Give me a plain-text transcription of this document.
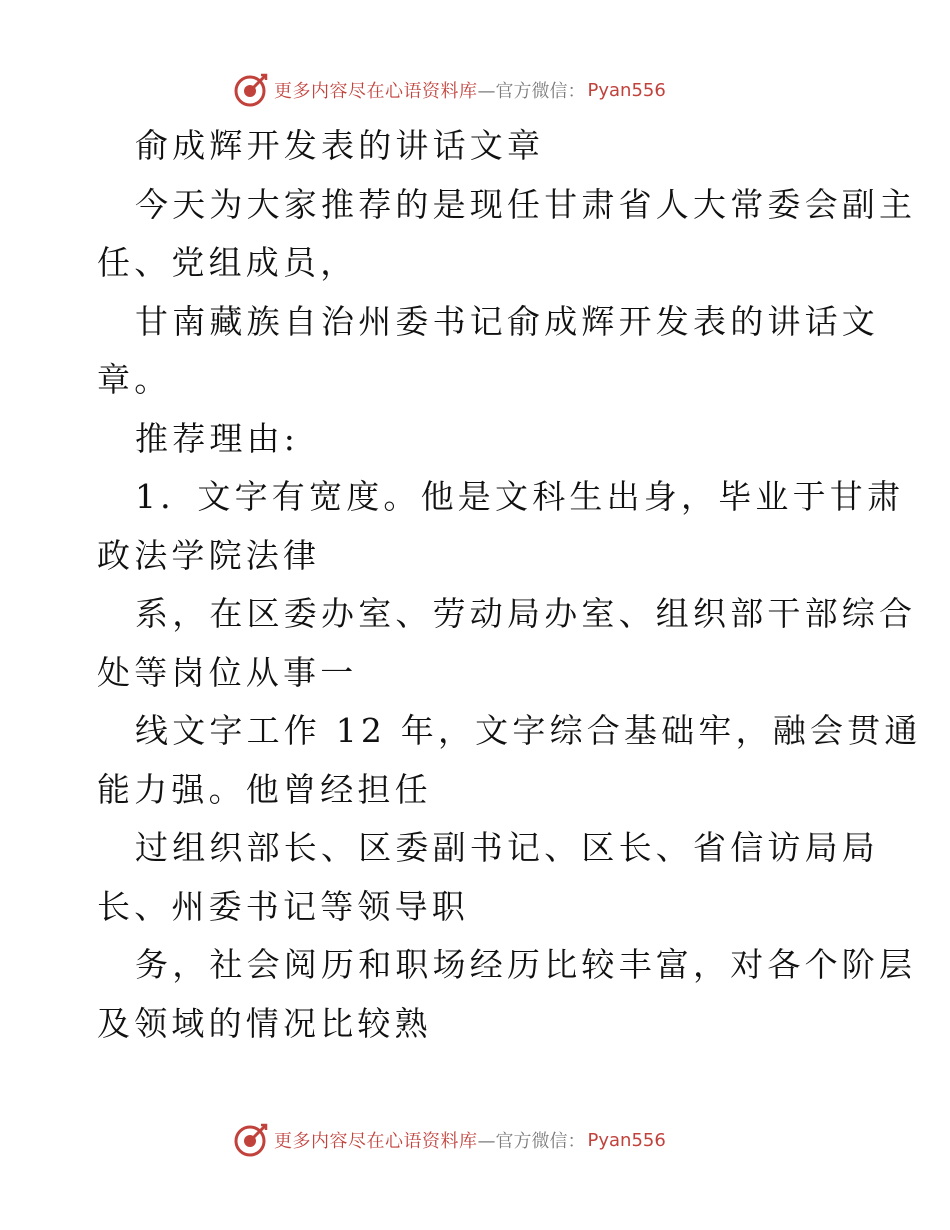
更多内容尽在心语资料库 —官方微信： Pyan556
俞成辉开发表的讲话文章
今天为大家推荐的是现任甘肃省人大常委会副主
任、党组成员，
甘南藏族自治州委书记俞成辉开发表的讲话文
章。
推荐理由:
1．文字有宽度。他是文科生出身，毕业于甘肃
政法学院法律
系，在区委办室、劳动局办室、组织部干部综合
处等岗位从事一
线文字工作 12 年，文字综合基础牢，融会贯通
能力强。他曾经担任
过组织部长、区委副书记、区长、省信访局局
长、州委书记等领导职
务，社会阅历和职场经历比较丰富，对各个阶层
及领域的情况比较熟
更多内容尽在心语资料库 —官方微信： Pyan556
